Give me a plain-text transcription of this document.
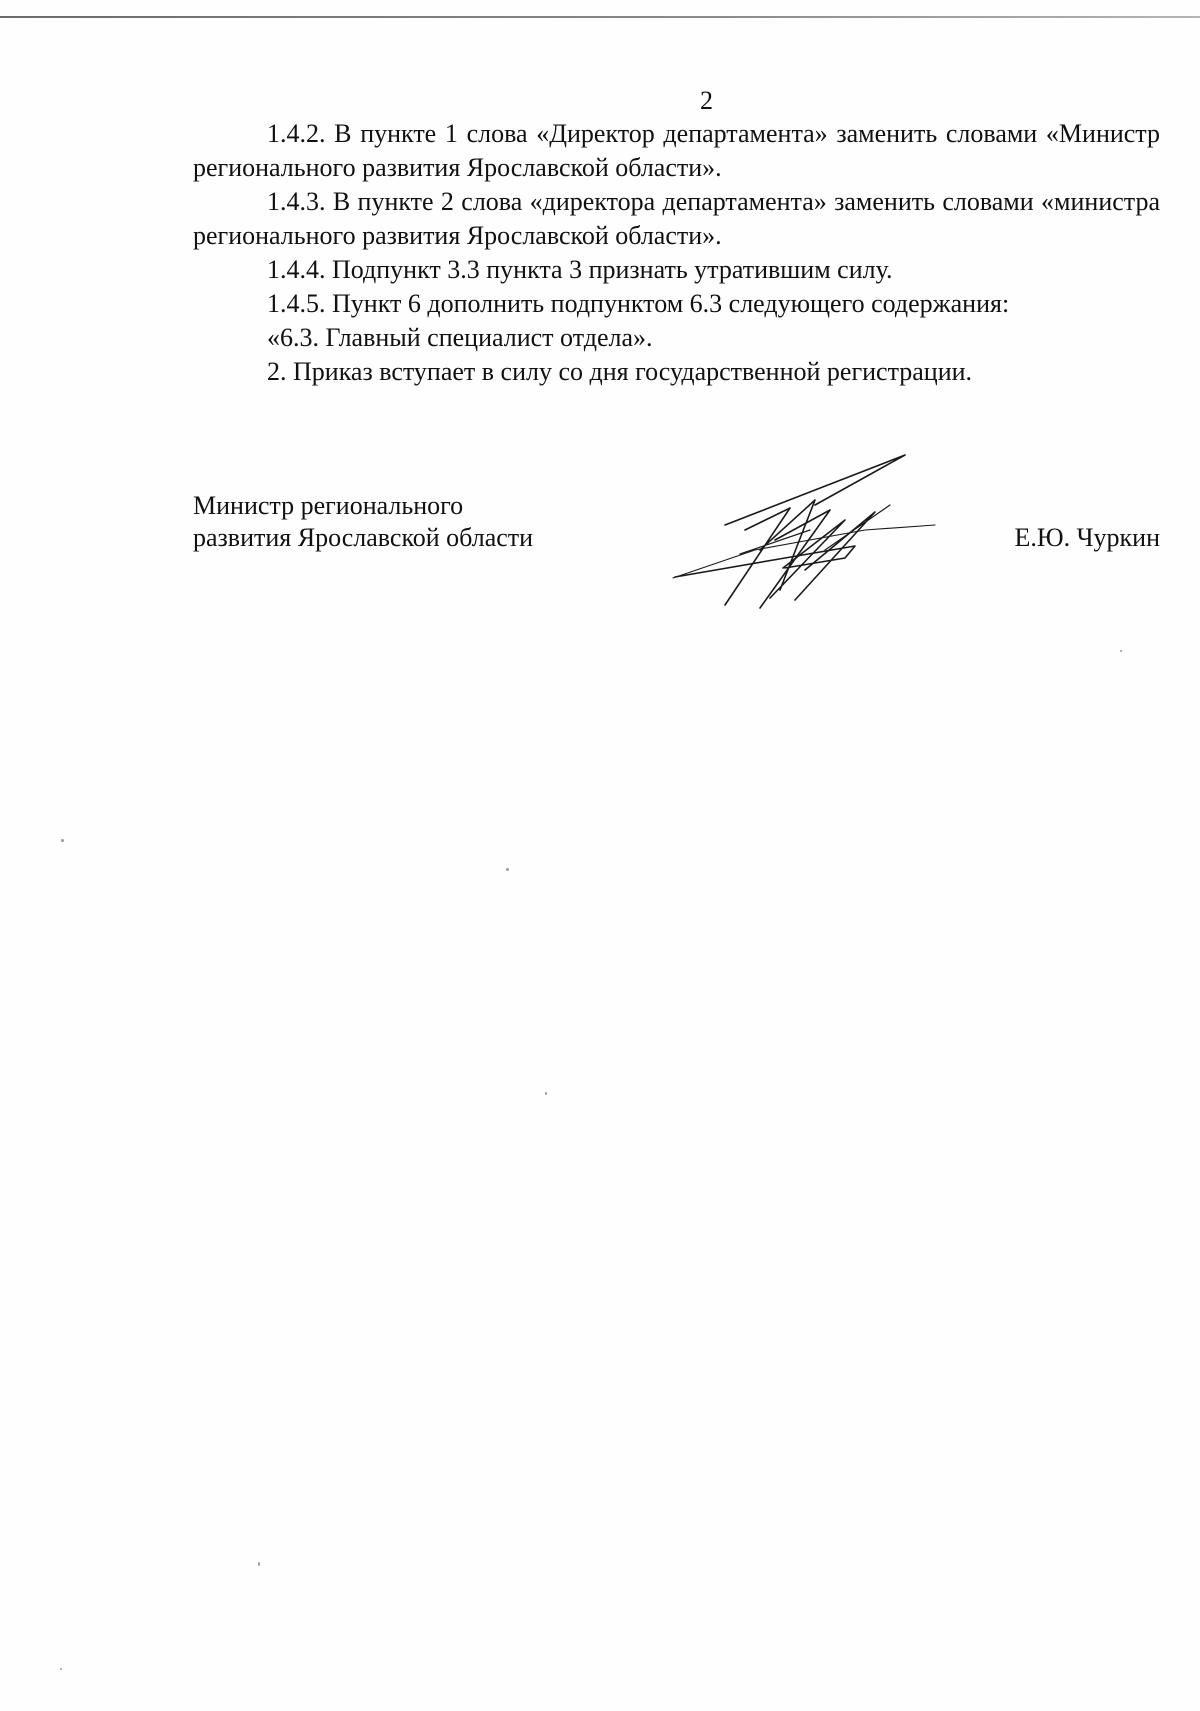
2

1.4.2. В пункте 1 слова «Директор департамента» заменить словами «Министр регионального развития Ярославской области».

1.4.3. В пункте 2 слова «директора департамента» заменить словами «министра регионального развития Ярославской области».

1.4.4. Подпункт 3.3 пункта 3 признать утратившим силу.

1.4.5. Пункт 6 дополнить подпунктом 6.3 следующего содержания:

«6.3. Главный специалист отдела».

2. Приказ вступает в силу со дня государственной регистрации.

Министр регионального
развития Ярославской области	Е.Ю. Чуркин
